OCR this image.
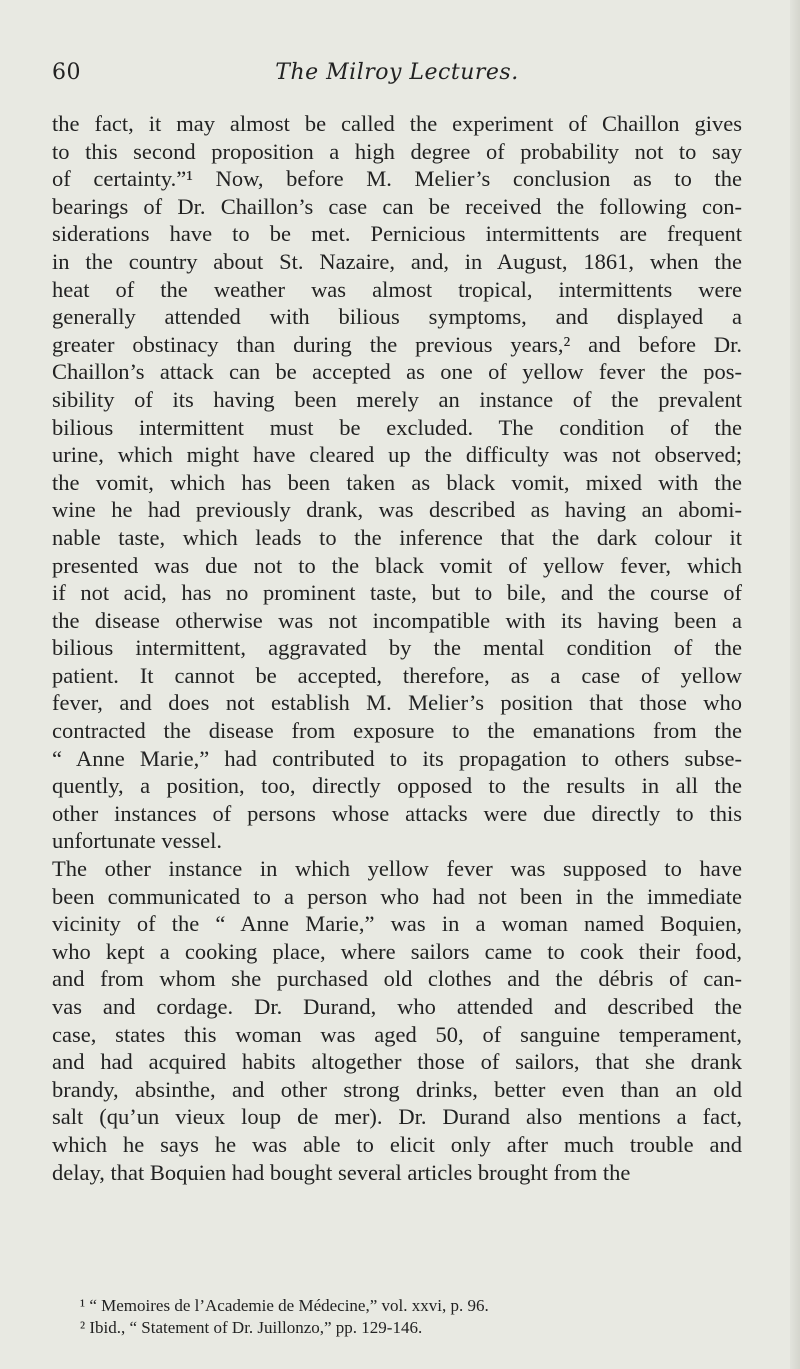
60	The Milroy Lectures.
the fact, it may almost be called the experiment of Chaillon gives
to this second proposition a high degree of probability not to say
of certainty.”¹ Now, before M. Melier’s conclusion as to the
bearings of Dr. Chaillon’s case can be received the following con-
siderations have to be met. Pernicious intermittents are frequent
in the country about St. Nazaire, and, in August, 1861, when the
heat of the weather was almost tropical, intermittents were
generally attended with bilious symptoms, and displayed a
greater obstinacy than during the previous years,² and before Dr.
Chaillon’s attack can be accepted as one of yellow fever the pos-
sibility of its having been merely an instance of the prevalent
bilious intermittent must be excluded. The condition of the
urine, which might have cleared up the difficulty was not observed;
the vomit, which has been taken as black vomit, mixed with the
wine he had previously drank, was described as having an abomi-
nable taste, which leads to the inference that the dark colour it
presented was due not to the black vomit of yellow fever, which
if not acid, has no prominent taste, but to bile, and the course of
the disease otherwise was not incompatible with its having been a
bilious intermittent, aggravated by the mental condition of the
patient. It cannot be accepted, therefore, as a case of yellow
fever, and does not establish M. Melier’s position that those who
contracted the disease from exposure to the emanations from the
“ Anne Marie,” had contributed to its propagation to others subse-
quently, a position, too, directly opposed to the results in all the
other instances of persons whose attacks were due directly to this
unfortunate vessel.
The other instance in which yellow fever was supposed to have
been communicated to a person who had not been in the immediate
vicinity of the “ Anne Marie,” was in a woman named Boquien,
who kept a cooking place, where sailors came to cook their food,
and from whom she purchased old clothes and the débris of can-
vas and cordage. Dr. Durand, who attended and described the
case, states this woman was aged 50, of sanguine temperament,
and had acquired habits altogether those of sailors, that she drank
brandy, absinthe, and other strong drinks, better even than an old
salt (qu’un vieux loup de mer). Dr. Durand also mentions a fact,
which he says he was able to elicit only after much trouble and
delay, that Boquien had bought several articles brought from the
¹ “ Memoires de l’Academie de Médecine,” vol. xxvi, p. 96.
² Ibid., “ Statement of Dr. Juillonzo,” pp. 129-146.
